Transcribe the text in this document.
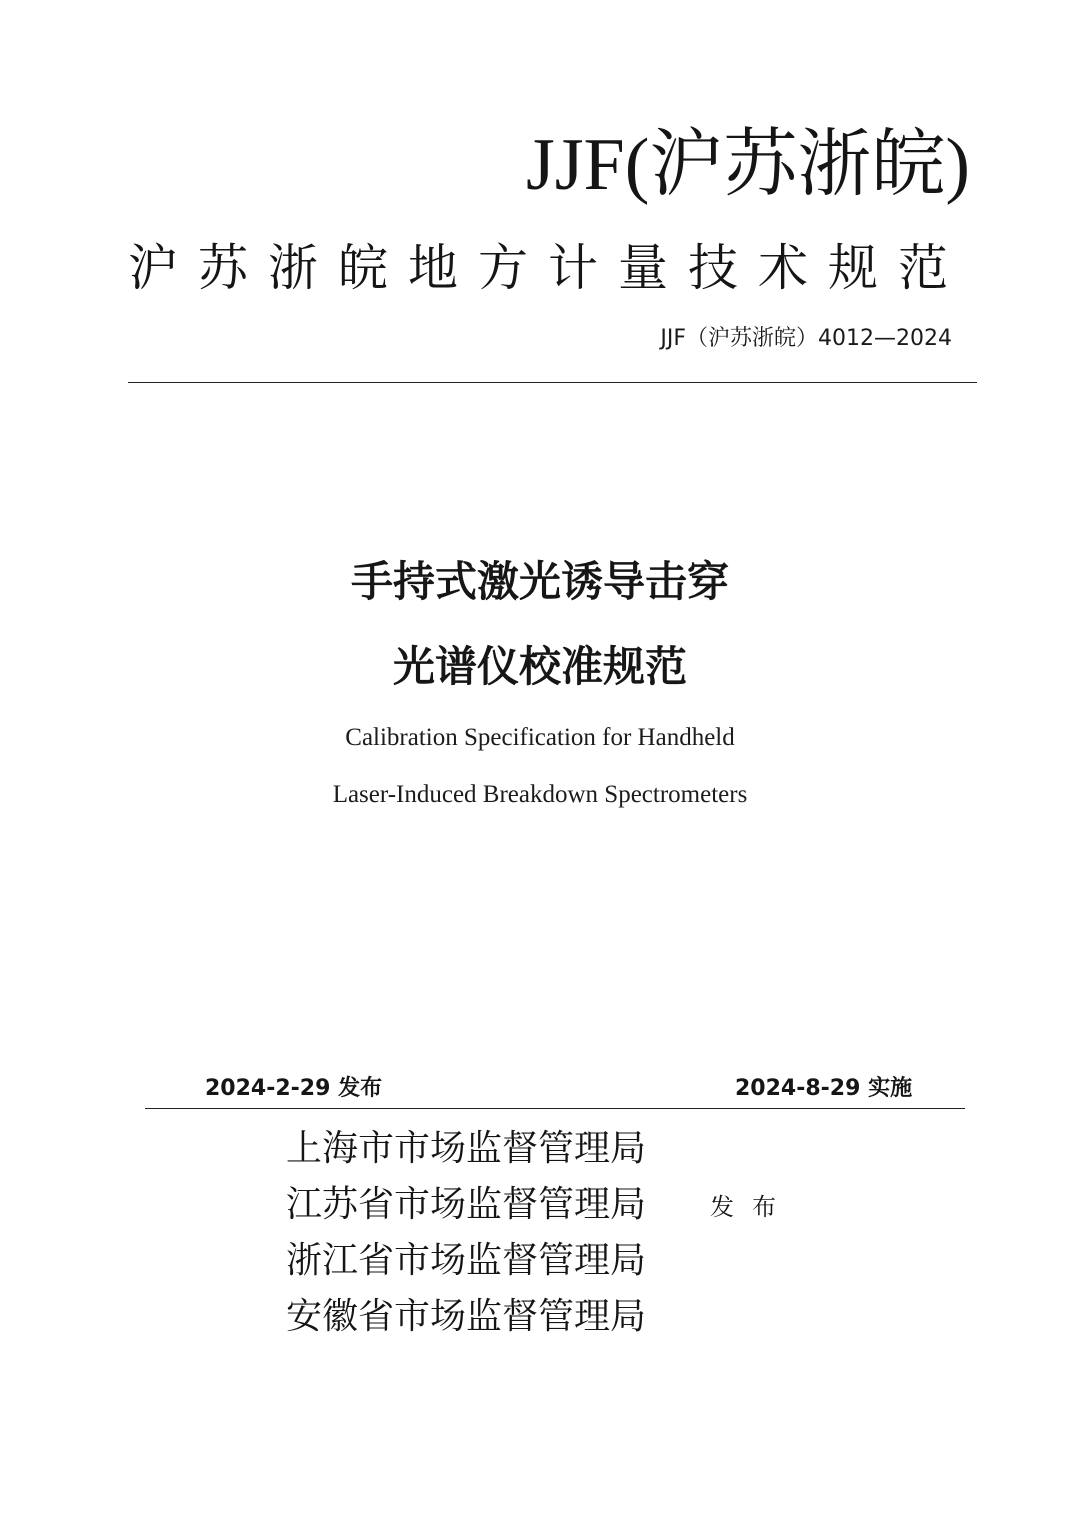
JJF(沪苏浙皖)
沪苏浙皖地方计量技术规范
JJF（沪苏浙皖）4012—2024
手持式激光诱导击穿
光谱仪校准规范
Calibration Specification for Handheld
Laser-Induced Breakdown Spectrometers
2024-2-29 发布	2024-8-29 实施
上海市市场监督管理局
江苏省市场监督管理局
浙江省市场监督管理局
安徽省市场监督管理局
发布
